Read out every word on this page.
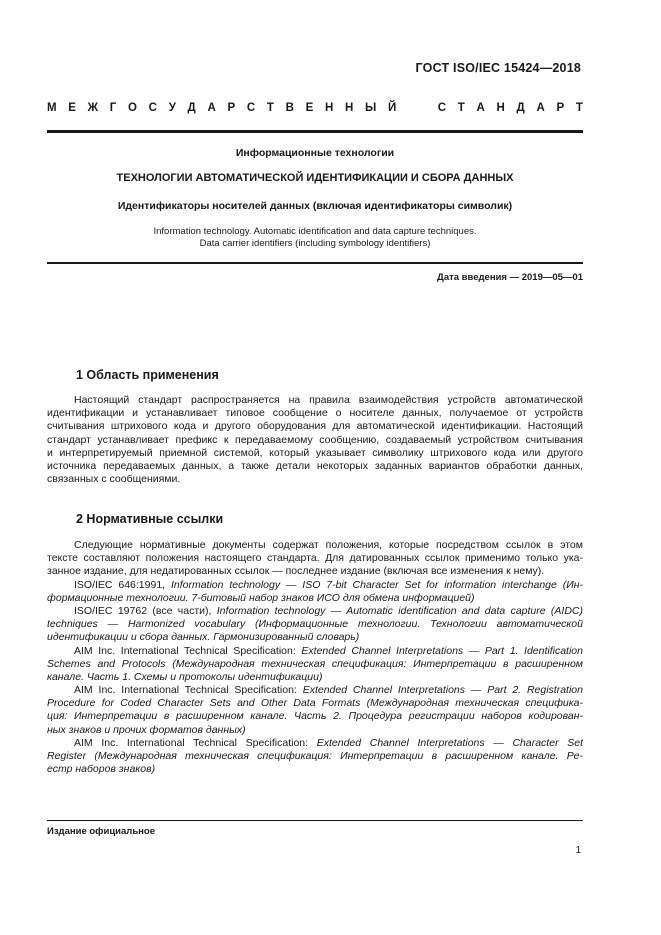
ГОСТ ISO/IEC 15424—2018
М Е Ж Г О С У Д А Р С Т В Е Н Н Ы Й

	С Т А Н Д А Р Т
Информационные технологии
ТЕХНОЛОГИИ АВТОМАТИЧЕСКОЙ ИДЕНТИФИКАЦИИ И СБОРА ДАННЫХ
Идентификаторы носителей данных (включая идентификаторы символик)
Information technology. Automatic identification and data capture techniques.
Data carrier identifiers (including symbology identifiers)
Дата введения — 2019—05—01
1 Область применения
Настоящий стандарт распространяется на правила взаимодействия устройств автоматической
идентификации и устанавливает типовое сообщение о носителе данных, получаемое от устройств
считывания штрихового кода и другого оборудования для автоматической идентификации. Настоящий
стандарт устанавливает префикс к передаваемому сообщению, создаваемый устройством считывания
и интерпретируемый приемной системой, который указывает символику штрихового кода или другого
источника передаваемых данных, а также детали некоторых заданных вариантов обработки данных,
связанных с сообщениями.
2 Нормативные ссылки
Следующие нормативные документы содержат положения, которые посредством ссылок в этом
тексте составляют положения настоящего стандарта. Для датированных ссылок применимо только ука-
занное издание, для недатированных ссылок — последнее издание (включая все изменения к нему).
ISO/IEC 646:1991, Information technology — ISO 7-bit Character Set for information interchange (Ин-
формационные технологии. 7-битовый набор знаков ИСО для обмена информацией)
ISO/IEC 19762 (все части), Information technology — Automatic identification and data capture (AIDC)
techniques — Harmonized vocabulary (Информационные технологии. Технологии автоматической
идентификации и сбора данных. Гармонизированный словарь)
AIM Inc. International Technical Specification: Extended Channel Interpretations — Part 1. Identification
Schemes and Protocols (Международная техническая спецификация: Интерпретации в расширенном
канале. Часть 1. Схемы и протоколы идентификации)
AIM Inc. International Technical Specification: Extended Channel Interpretations — Part 2. Registration
Procedure for Coded Character Sets and Other Data Formats (Международная техническая специфика-
ция: Интерпретации в расширенном канале. Часть 2. Процедура регистрации наборов кодирован-
ных знаков и прочих форматов данных)
AIM Inc. International Technical Specification: Extended Channel Interpretations — Character Set
Register (Международная техническая спецификация: Интерпретации в расширенном канале. Ре-
естр наборов знаков)
Издание официальное
1
